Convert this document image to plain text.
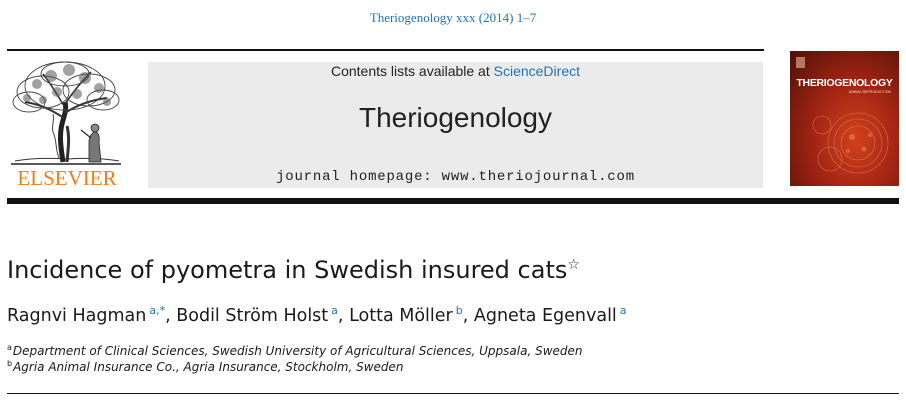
Theriogenology xxx (2014) 1–7
ELSEVIER
Contents lists available at ScienceDirect
Theriogenology
journal homepage: www.theriojournal.com
THERIOGENOLOGY
ANIMAL REPRODUCTION
Incidence of pyometra in Swedish insured cats☆
Ragnvi Hagman $^{a,*}$, Bodil Ström Holst $^a$, Lotta Möller $^b$, Agneta Egenvall $^a$
$^a$Department of Clinical Sciences, Swedish University of Agricultural Sciences, Uppsala, Sweden
$^b$Agria Animal Insurance Co., Agria Insurance, Stockholm, Sweden
